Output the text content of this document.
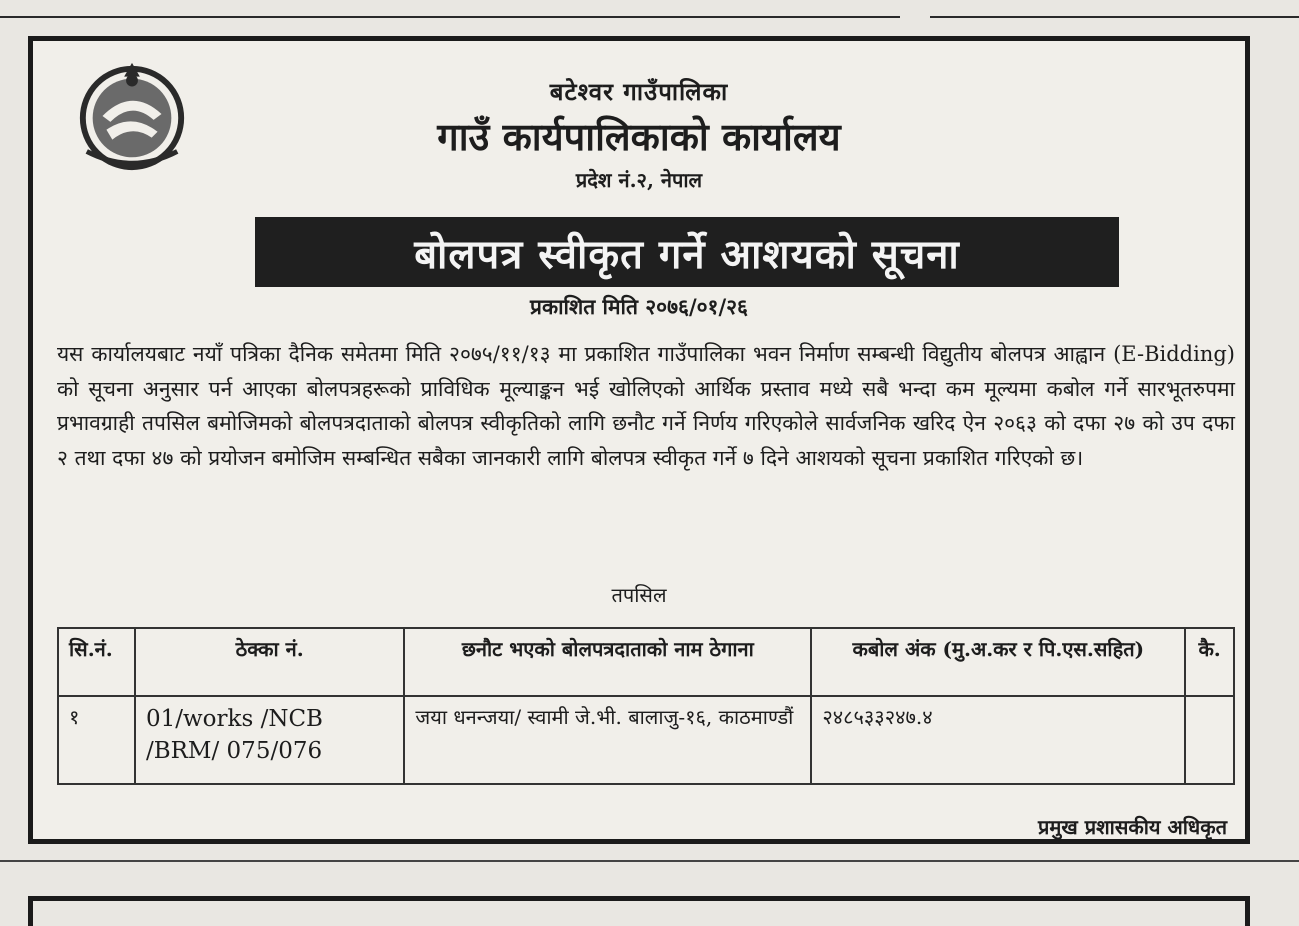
बटेश्वर गाउँपालिका
गाउँ कार्यपालिकाको कार्यालय
प्रदेश नं.२, नेपाल
बोलपत्र स्वीकृत गर्ने आशयको सूचना
प्रकाशित मिति २०७६/०१/२६
यस कार्यालयबाट नयाँ पत्रिका दैनिक समेतमा मिति २०७५/११/१३ मा प्रकाशित गाउँपालिका भवन निर्माण सम्बन्धी विद्युतीय बोलपत्र आह्वान (E-Bidding) को सूचना अनुसार पर्न आएका बोलपत्रहरूको प्राविधिक मूल्याङ्कन भई खोलिएको आर्थिक प्रस्ताव मध्ये सबै भन्दा कम मूल्यमा कबोल गर्ने सारभूतरुपमा प्रभावग्राही तपसिल बमोजिमको बोलपत्रदाताको बोलपत्र स्वीकृतिको लागि छनौट गर्ने निर्णय गरिएकोले सार्वजनिक खरिद ऐन २०६३ को दफा २७ को उप दफा २ तथा दफा ४७ को प्रयोजन बमोजिम सम्बन्धित सबैका जानकारी लागि बोलपत्र स्वीकृत गर्ने ७ दिने आशयको सूचना प्रकाशित गरिएको छ।
तपसिल
सि.नं.	ठेक्का नं.	छनौट भएको बोलपत्रदाताको नाम ठेगाना	कबोल अंक (मु.अ.कर र पि.एस.सहित)	कै.
१	01/works /NCB /BRM/ 075/076	जया धनन्जया/ स्वामी जे.भी. बालाजु-१६, काठमाण्डौं	२४८५३३२४७.४	
प्रमुख प्रशासकीय अधिकृत
